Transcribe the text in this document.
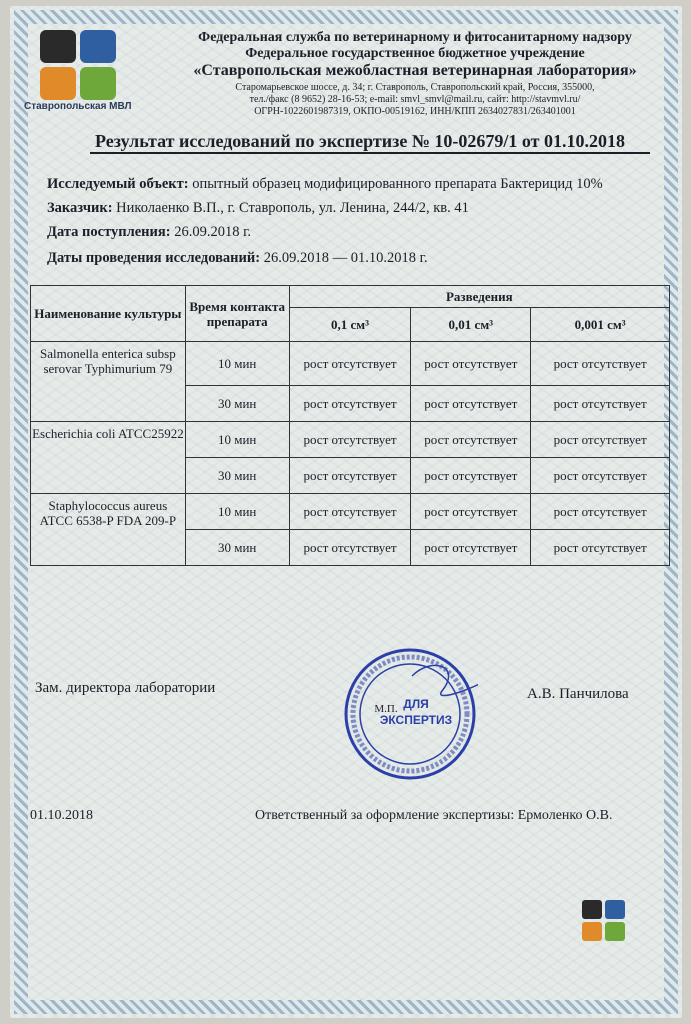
Ставропольская МВЛ
Федеральная служба по ветеринарному и фитосанитарному надзору
Федеральное государственное бюджетное учреждение
«Ставропольская межобластная ветеринарная лаборатория»
Старомарьевское шоссе, д. 34; г. Ставрополь, Ставропольский край, Россия, 355000,
тел./факс (8 9652) 28-16-53; e-mail: smvl_smvl@mail.ru, сайт: http://stavmvl.ru/
ОГРН-1022601987319, ОКПО-00519162, ИНН/КПП 2634027831/263401001
Результат исследований по экспертизе № 10-02679/1 от 01.10.2018
Исследуемый объект: опытный образец модифицированного препарата Бактерицид 10%
Заказчик: Николаенко В.П., г. Ставрополь, ул. Ленина, 244/2, кв. 41
Дата поступления: 26.09.2018 г.
Даты проведения исследований: 26.09.2018 — 01.10.2018 г.
Наименование культуры	Время контакта препарата	Разведения		
		0,1 см³	0,01 см³	0,001 см³
Salmonella enterica subsp serovar Typhimurium 79	10 мин	рост отсутствует	рост отсутствует	рост отсутствует
	30 мин	рост отсутствует	рост отсутствует	рост отсутствует
Escherichia coli ATCC25922	10 мин	рост отсутствует	рост отсутствует	рост отсутствует
	30 мин	рост отсутствует	рост отсутствует	рост отсутствует
Staphylococcus aureus ATCC 6538-P FDA 209-P	10 мин	рост отсутствует	рост отсутствует	рост отсутствует
	30 мин	рост отсутствует	рост отсутствует	рост отсутствует
Зам. директора лаборатории	А.В. Панчилова
ДЛЯ
ЭКСПЕРТИЗ
М.П.
01.10.2018	Ответственный за оформление экспертизы: Ермоленко О.В.
